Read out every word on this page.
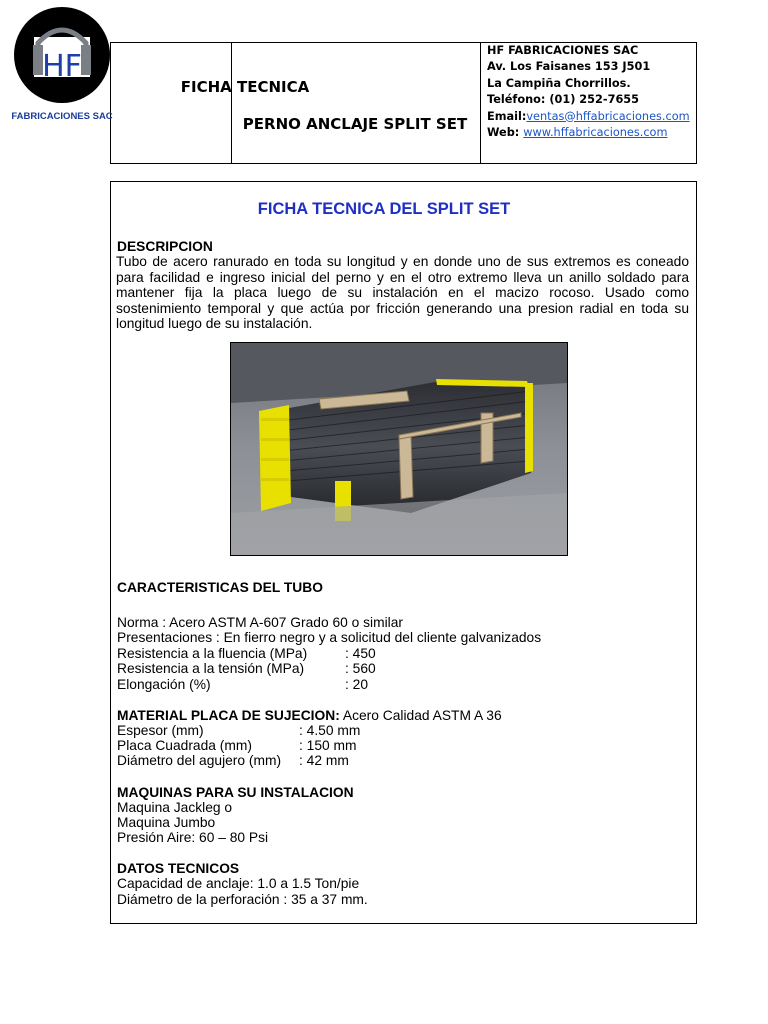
HF
FABRICACIONES SAC
FICHA TECNICA
PERNO ANCLAJE SPLIT SET
HF FABRICACIONES SAC
Av. Los Faisanes 153 J501
La Campiña Chorrillos.
Teléfono: (01) 252-7655
Email:ventas@hffabricaciones.com
Web: www.hffabricaciones.com
FICHA TECNICA DEL SPLIT SET
DESCRIPCION
Tubo de acero ranurado en toda su longitud y en donde uno de sus extremos es coneado para facilidad e ingreso inicial del perno y en el otro extremo lleva un anillo soldado para mantener fija la placa luego de su instalación en el macizo rocoso. Usado como sostenimiento temporal y que actúa por fricción generando una presion radial en toda su longitud luego de su instalación.
CARACTERISTICAS DEL TUBO
Norma : Acero ASTM A-607 Grado 60 o similar
Presentaciones : En fierro negro y a solicitud del cliente galvanizados
Resistencia a la fluencia (MPa)	: 450
Resistencia a la tensión (MPa)	: 560
Elongación (%)	: 20
MATERIAL PLACA DE SUJECION: Acero Calidad ASTM A 36
Espesor (mm)	: 4.50 mm
Placa Cuadrada (mm)	: 150 mm
Diámetro del agujero (mm) : 42 mm
MAQUINAS PARA SU INSTALACION
Maquina Jackleg o
Maquina Jumbo
Presión Aire: 60 – 80 Psi
DATOS TECNICOS
Capacidad de anclaje: 1.0 a 1.5 Ton/pie
Diámetro de la perforación : 35 a 37 mm.
